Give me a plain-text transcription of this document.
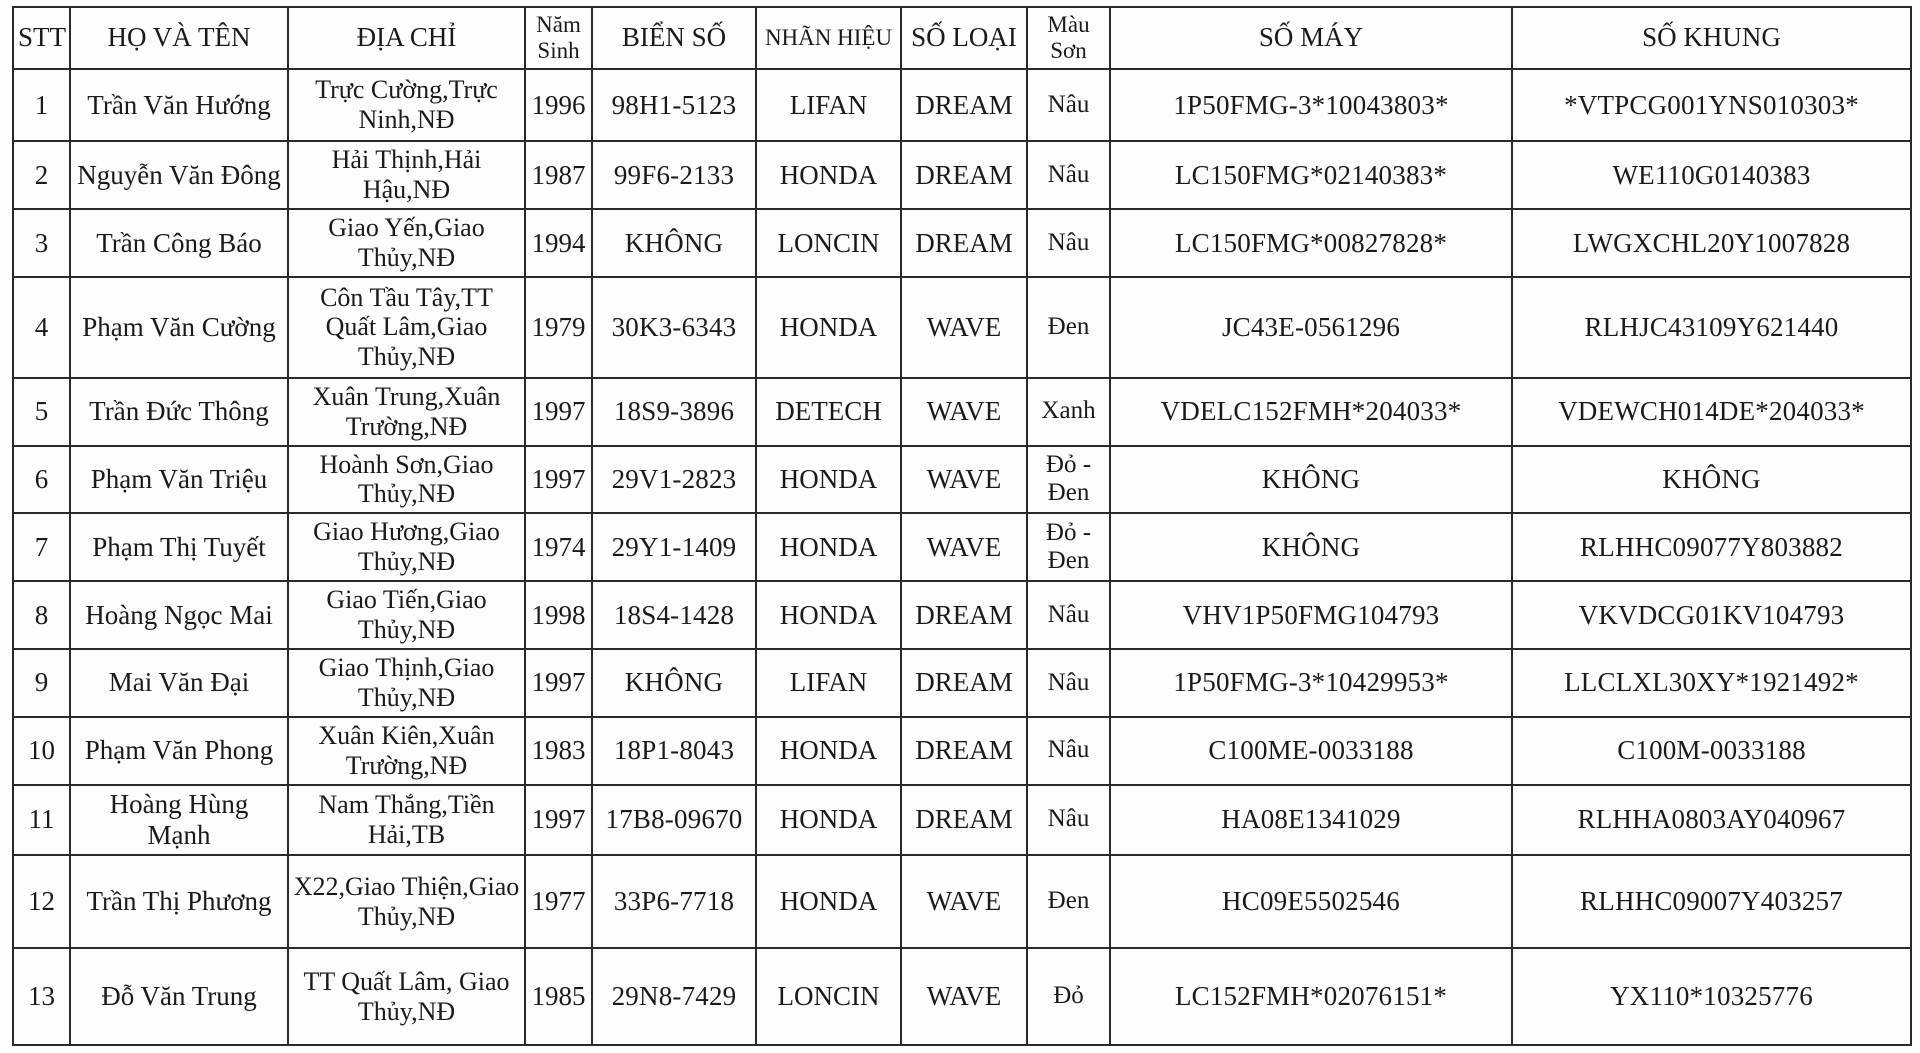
STT	HỌ VÀ TÊN	ĐỊA CHỈ	Năm Sinh	BIỂN SỐ	NHÃN HIỆU	SỐ LOẠI	Màu Sơn	SỐ MÁY	SỐ KHUNG
1	Trần Văn Hướng	Trực Cường,Trực Ninh,NĐ	1996	98H1-5123	LIFAN	DREAM	Nâu	1P50FMG-3*10043803*	*VTPCG001YNS010303*
2	Nguyễn Văn Đông	Hải Thịnh,Hải Hậu,NĐ	1987	99F6-2133	HONDA	DREAM	Nâu	LC150FMG*02140383*	WE110G0140383
3	Trần Công Báo	Giao Yến,Giao Thủy,NĐ	1994	KHÔNG	LONCIN	DREAM	Nâu	LC150FMG*00827828*	LWGXCHL20Y1007828
4	Phạm Văn Cường	Côn Tầu Tây,TT Quất Lâm,Giao Thủy,NĐ	1979	30K3-6343	HONDA	WAVE	Đen	JC43E-0561296	RLHJC43109Y621440
5	Trần Đức Thông	Xuân Trung,Xuân Trường,NĐ	1997	18S9-3896	DETECH	WAVE	Xanh	VDELC152FMH*204033*	VDEWCH014DE*204033*
6	Phạm Văn Triệu	Hoành Sơn,Giao Thủy,NĐ	1997	29V1-2823	HONDA	WAVE	Đỏ - Đen	KHÔNG	KHÔNG
7	Phạm Thị Tuyết	Giao Hương,Giao Thủy,NĐ	1974	29Y1-1409	HONDA	WAVE	Đỏ - Đen	KHÔNG	RLHHC09077Y803882
8	Hoàng Ngọc Mai	Giao Tiến,Giao Thủy,NĐ	1998	18S4-1428	HONDA	DREAM	Nâu	VHV1P50FMG104793	VKVDCG01KV104793
9	Mai Văn Đại	Giao Thịnh,Giao Thủy,NĐ	1997	KHÔNG	LIFAN	DREAM	Nâu	1P50FMG-3*10429953*	LLCLXL30XY*1921492*
10	Phạm Văn Phong	Xuân Kiên,Xuân Trường,NĐ	1983	18P1-8043	HONDA	DREAM	Nâu	C100ME-0033188	C100M-0033188
11	Hoàng Hùng Mạnh	Nam Thắng,Tiền Hải,TB	1997	17B8-09670	HONDA	DREAM	Nâu	HA08E1341029	RLHHA0803AY040967
12	Trần Thị Phương	X22,Giao Thiện,Giao Thủy,NĐ	1977	33P6-7718	HONDA	WAVE	Đen	HC09E5502546	RLHHC09007Y403257
13	Đỗ Văn Trung	TT Quất Lâm, Giao Thủy,NĐ	1985	29N8-7429	LONCIN	WAVE	Đỏ	LC152FMH*02076151*	YX110*10325776
